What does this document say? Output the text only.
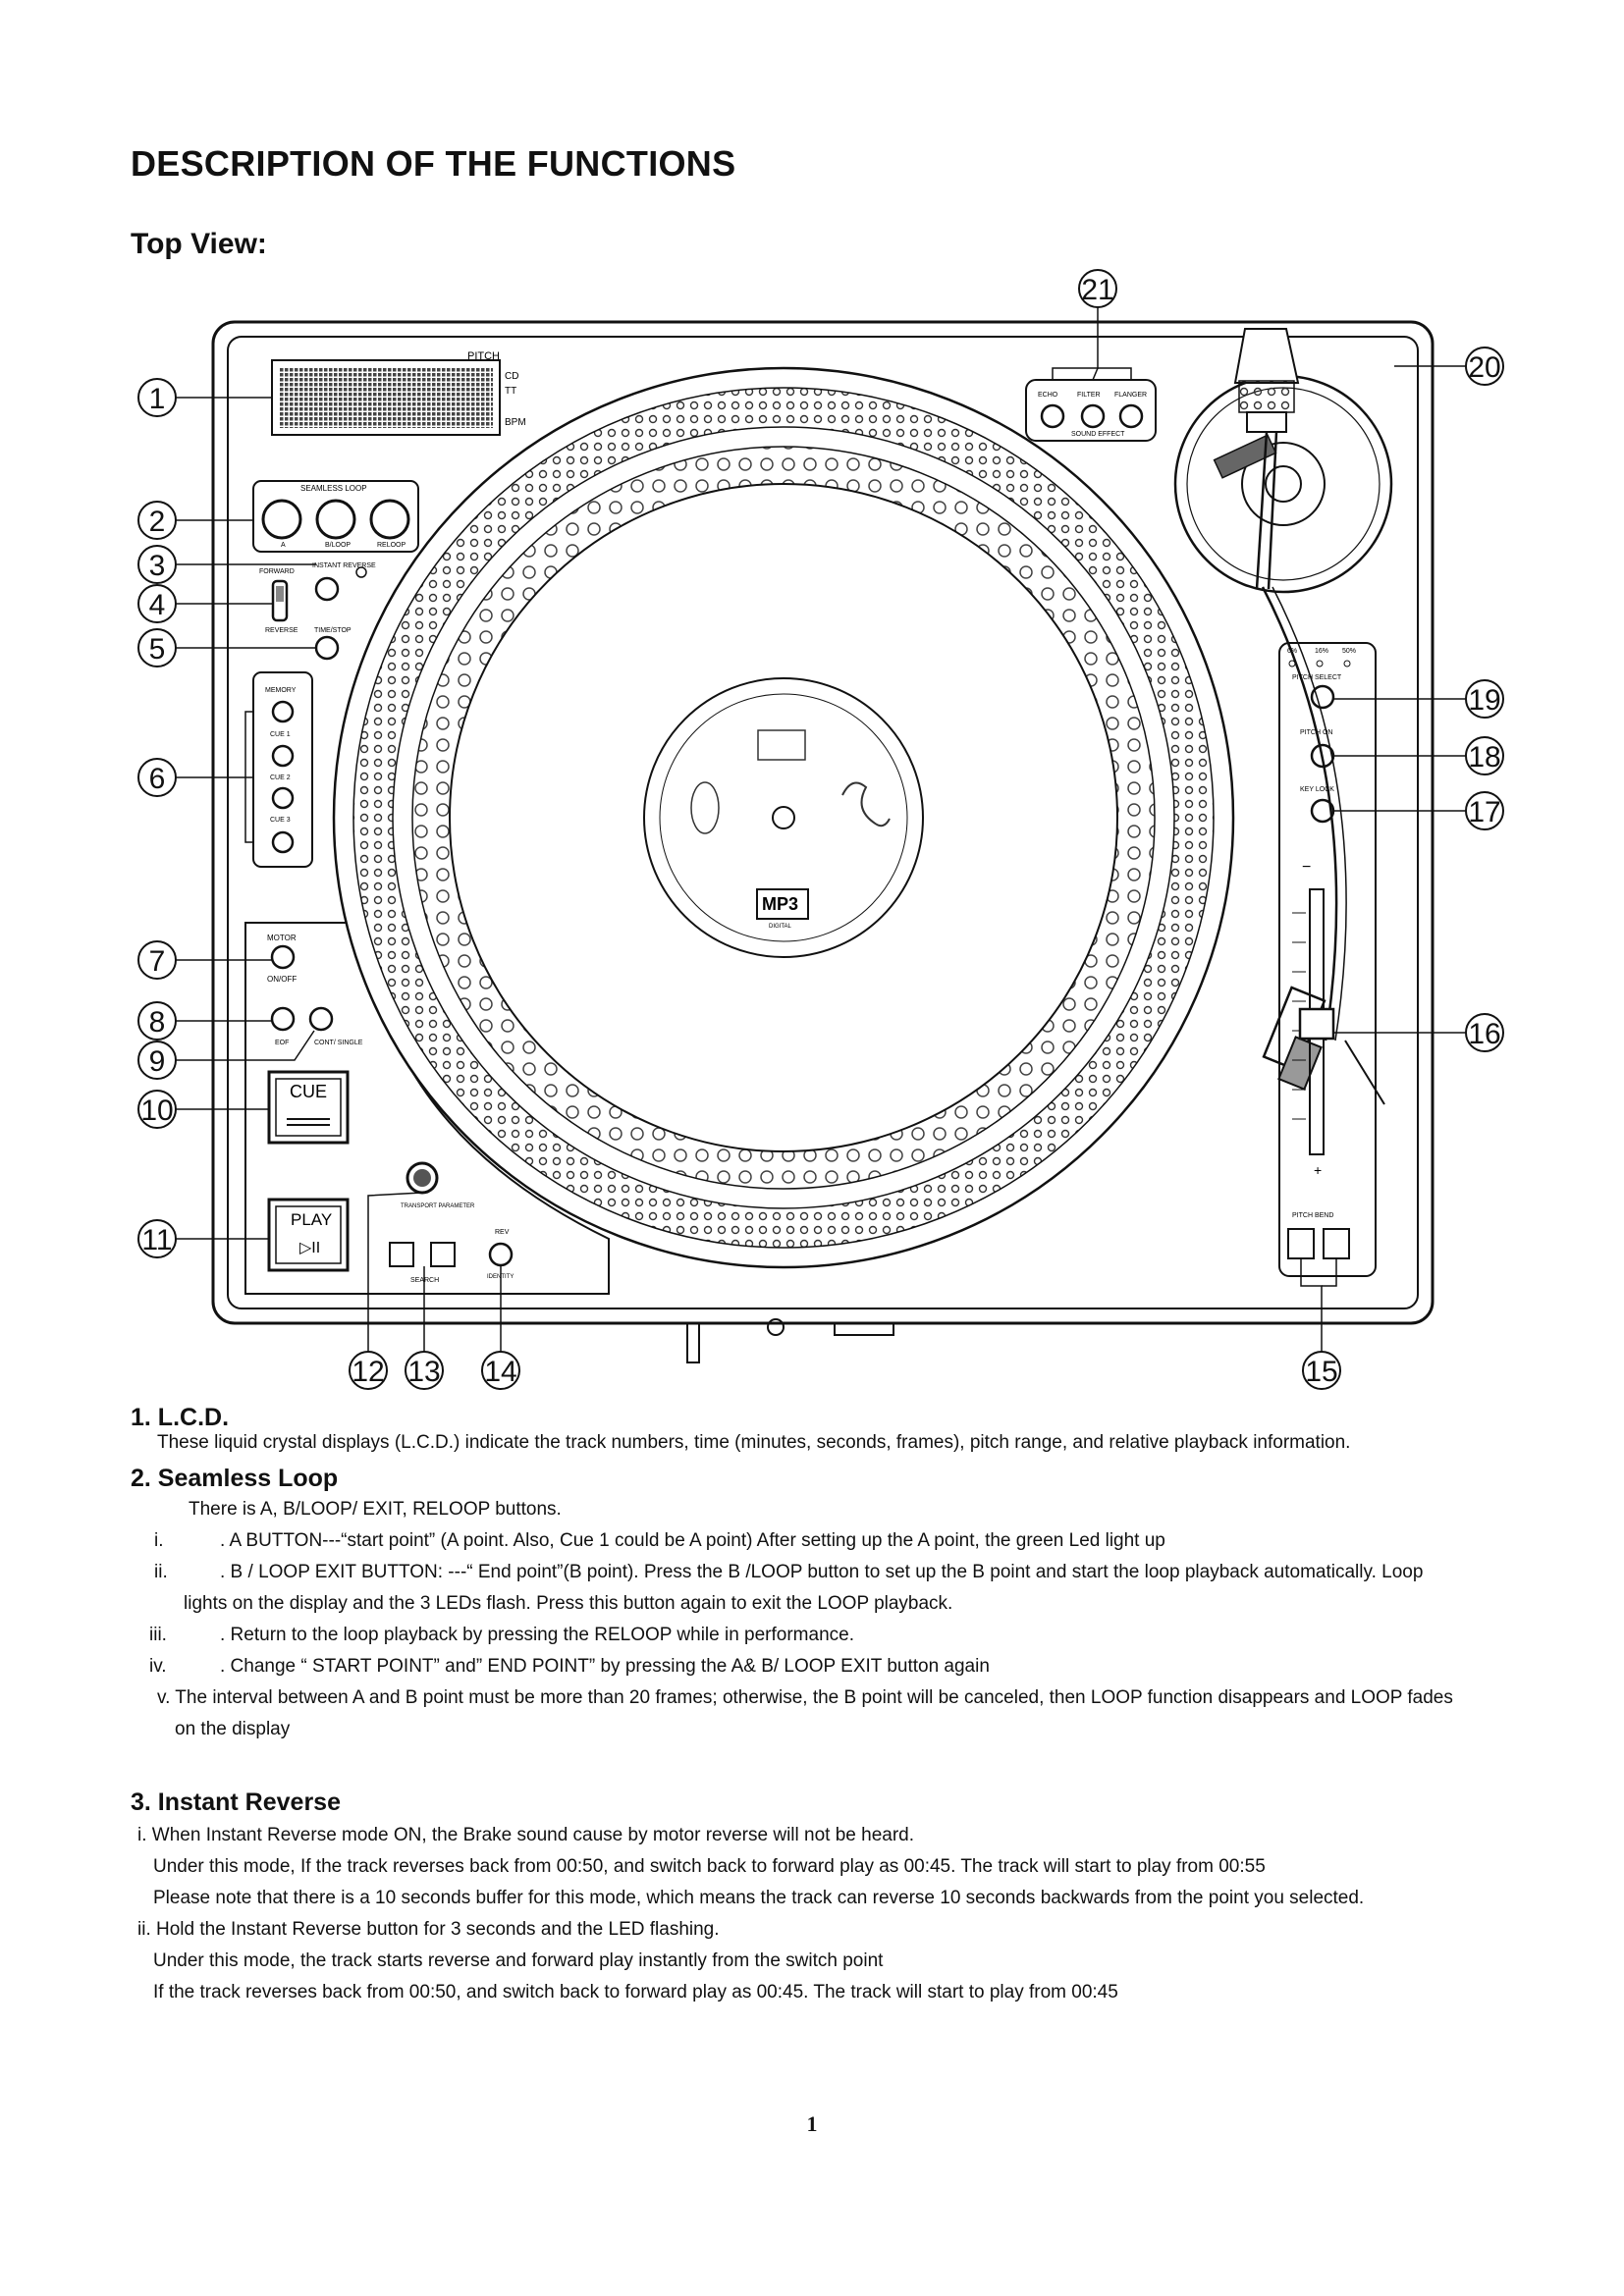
DESCRIPTION OF THE FUNCTIONS
Top View:
PITCH
CD
TT
BPM
SEAMLESS LOOP
A	B/LOOP	RELOOP
FORWARD
INSTANT REVERSE
REVERSE TIME/STOP
MEMORY
CUE 1
CUE 2
CUE 3
MOTOR
ON/OFF
EOF	CONT/ SINGLE
CUE
PLAY
▷II
TRANSPORT PARAMETER
SEARCH
REV
IDENTITY
MP3
DIGITAL
ECHO	FILTER FLANGER
SOUND EFFECT
6%	16% 50%
PITCH SELECT
PITCH ON
KEY LOCK
−
+
PITCH BEND
1
2
3
4
5
6
7
8
9
10
11
12 13 14	15
16
17
18
19
20
21
1. L.C.D.
These liquid crystal displays (L.C.D.) indicate the track numbers, time (minutes, seconds, frames), pitch range, and relative playback information.
2. Seamless Loop
There is A, B/LOOP/ EXIT, RELOOP buttons.
i.	. A BUTTON---“start point” (A point. Also, Cue 1 could be A point) After setting up the A point, the green Led light up
ii.	. B / LOOP EXIT BUTTON: ---“ End point”(B point). Press the B /LOOP button to set up the B point and start the loop playback automatically. Loop
lights on the display and the 3 LEDs flash. Press this button again to exit the LOOP playback.
iii.	. Return to the loop playback by pressing the RELOOP while in performance.
iv.	. Change “ START POINT” and” END POINT” by pressing the A& B/ LOOP EXIT button again
v. The interval between A and B point must be more than 20 frames; otherwise, the B point will be canceled, then LOOP function disappears and LOOP fades
on the display
3. Instant Reverse
i. When Instant Reverse mode ON, the Brake sound cause by motor reverse will not be heard.
Under this mode, If the track reverses back from 00:50, and switch back to forward play as 00:45. The track will start to play from 00:55
Please note that there is a 10 seconds buffer for this mode, which means the track can reverse 10 seconds backwards from the point you selected.
ii. Hold the Instant Reverse button for 3 seconds and the LED flashing.
Under this mode, the track starts reverse and forward play instantly from the switch point
If the track reverses back from 00:50, and switch back to forward play as 00:45. The track will start to play from 00:45
1
